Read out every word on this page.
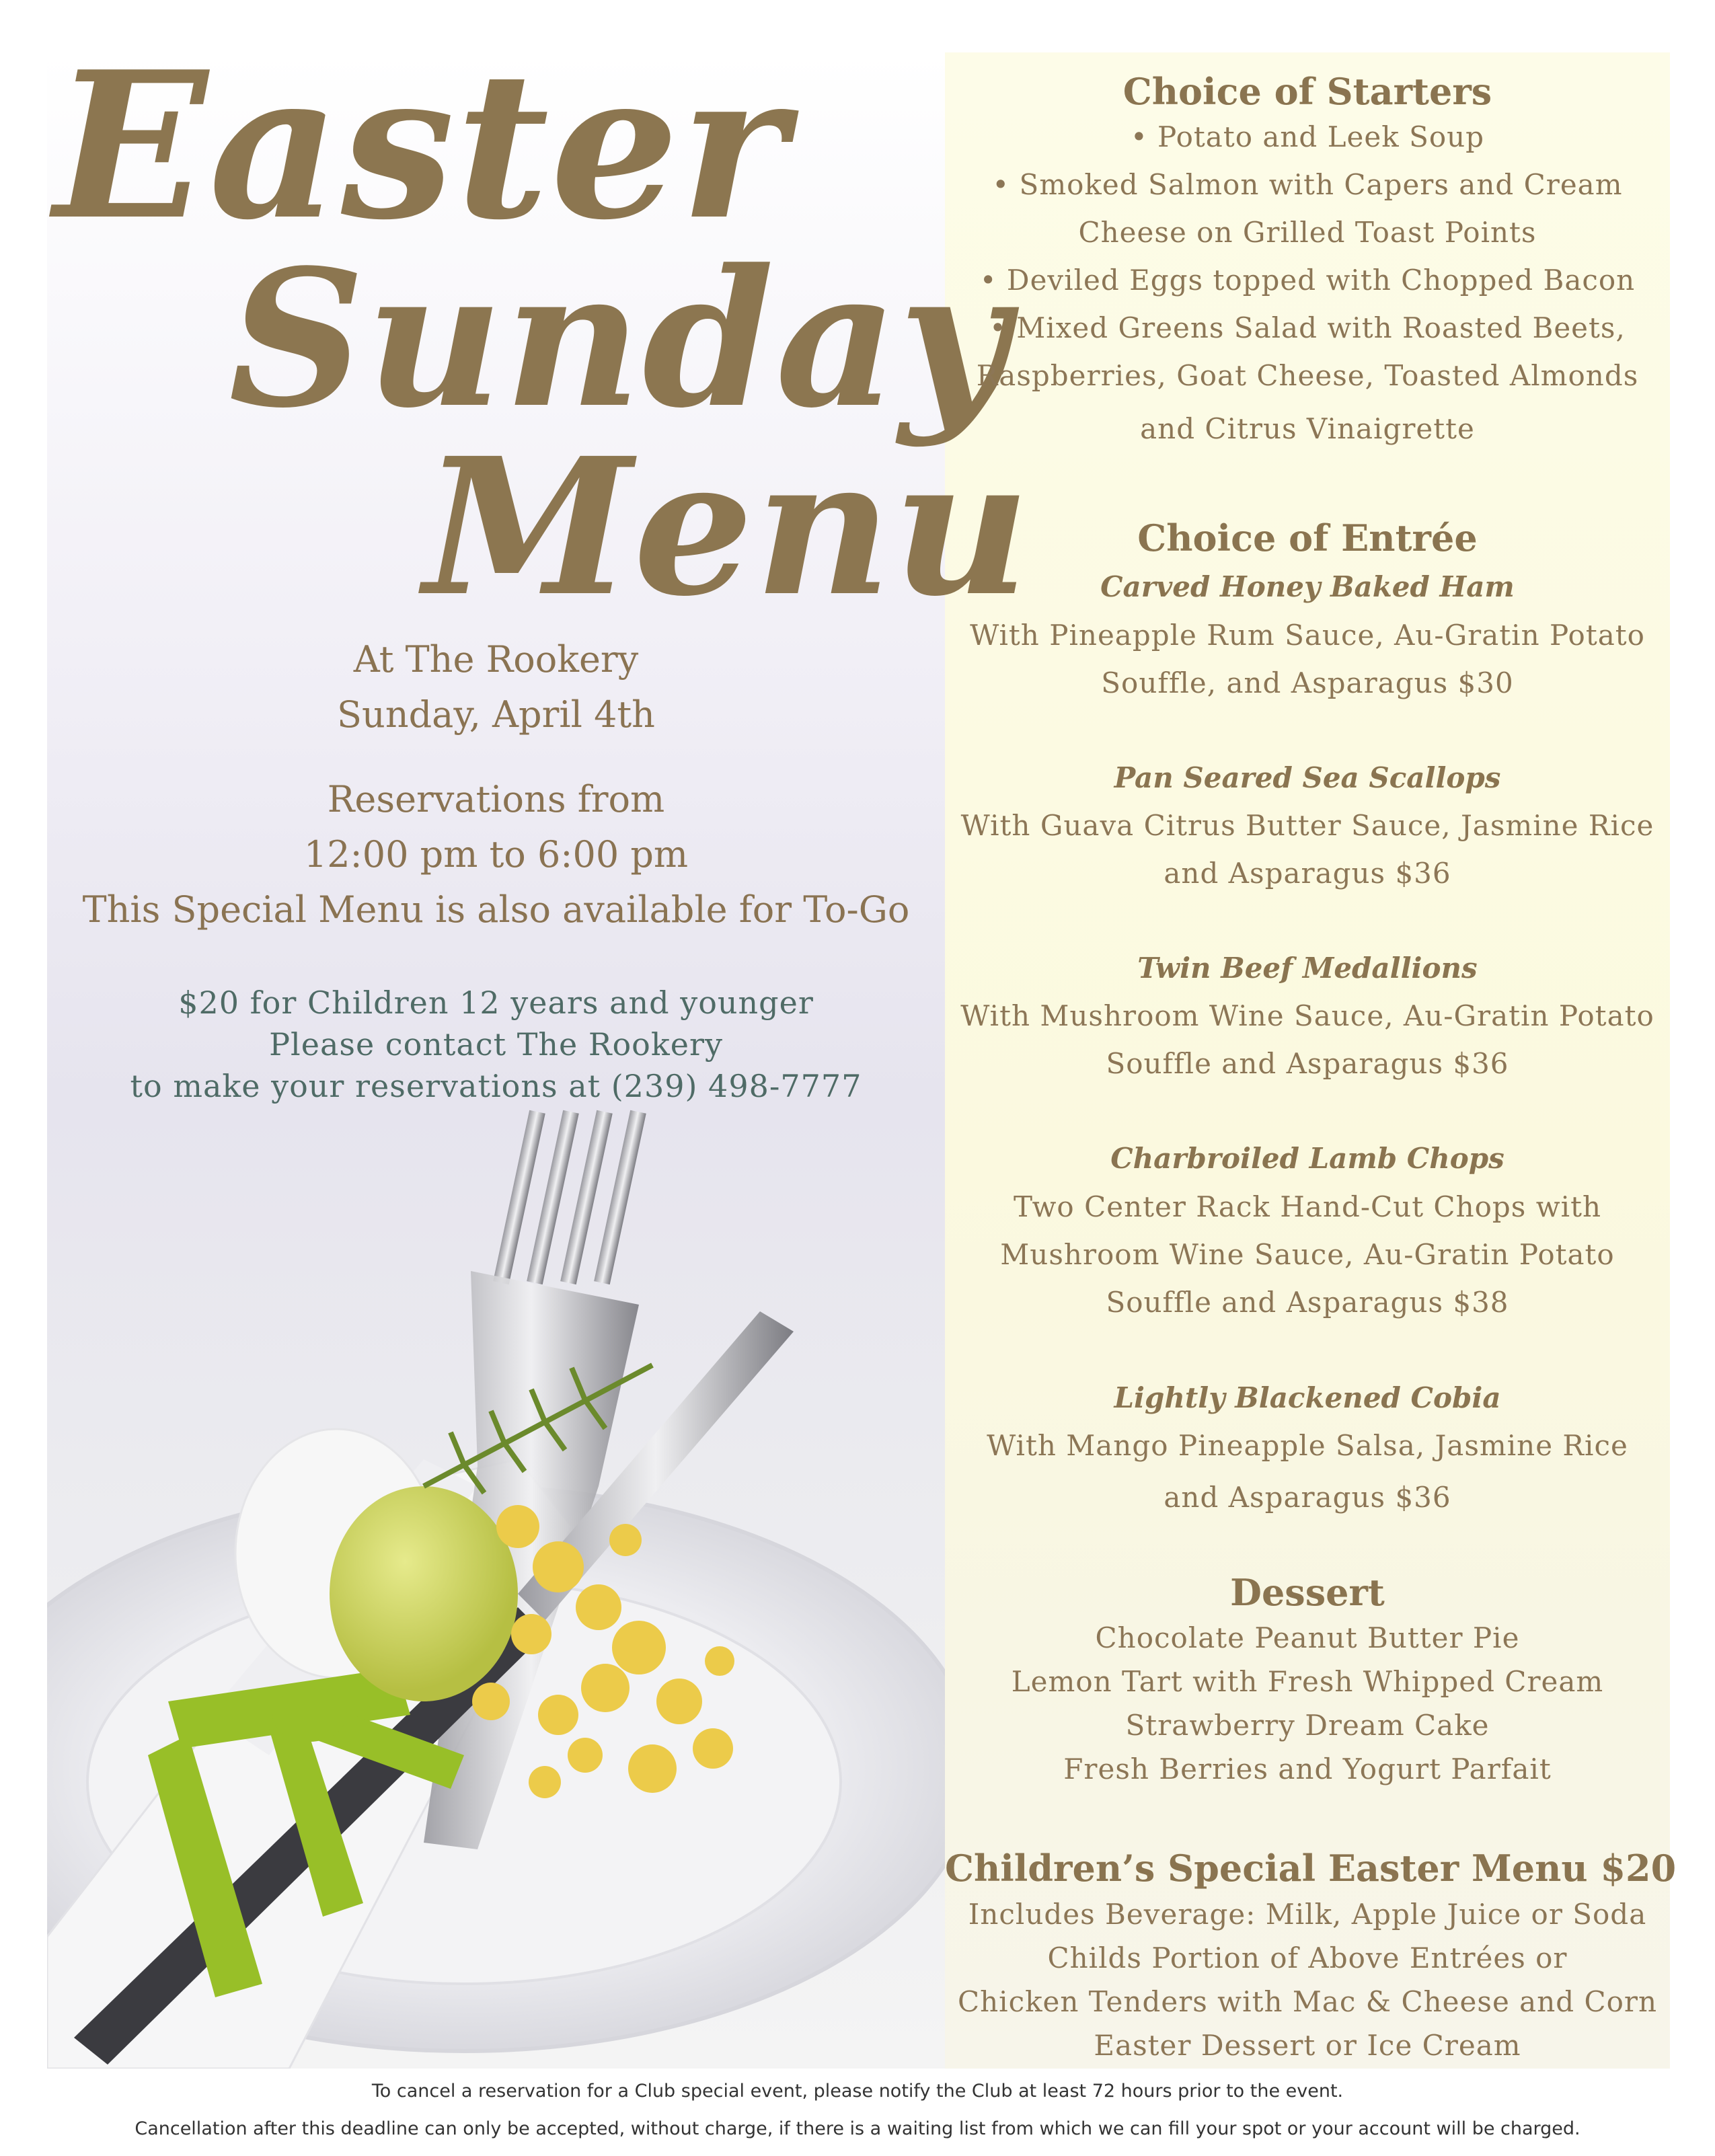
Easter
Sunday
Menu
At The Rookery
Sunday, April 4th
Reservations from
12:00 pm to 6:00 pm
This Special Menu is also available for To-Go
$20 for Children 12 years and younger
Please contact The Rookery
to make your reservations at (239) 498-7777
Choice of Starters
• Potato and Leek Soup
• Smoked Salmon with Capers and Cream
Cheese on Grilled Toast Points
• Deviled Eggs topped with Chopped Bacon
• Mixed Greens Salad with Roasted Beets,
Raspberries, Goat Cheese, Toasted Almonds
and Citrus Vinaigrette
Choice of Entrée
Carved Honey Baked Ham
With Pineapple Rum Sauce, Au-Gratin Potato
Souffle, and Asparagus $30
Pan Seared Sea Scallops
With Guava Citrus Butter Sauce, Jasmine Rice
and Asparagus $36
Twin Beef Medallions
With Mushroom Wine Sauce, Au-Gratin Potato
Souffle and Asparagus $36
Charbroiled Lamb Chops
Two Center Rack Hand-Cut Chops with
Mushroom Wine Sauce, Au-Gratin Potato
Souffle and Asparagus $38
Lightly Blackened Cobia
With Mango Pineapple Salsa, Jasmine Rice
and Asparagus $36
Dessert
Chocolate Peanut Butter Pie
Lemon Tart with Fresh Whipped Cream
Strawberry Dream Cake
Fresh Berries and Yogurt Parfait
Children’s Special Easter Menu $20
Includes Beverage: Milk, Apple Juice or Soda
Childs Portion of Above Entrées or
Chicken Tenders with Mac & Cheese and Corn
Easter Dessert or Ice Cream
To cancel a reservation for a Club special event, please notify the Club at least 72 hours prior to the event.
Cancellation after this deadline can only be accepted, without charge, if there is a waiting list from which we can fill your spot or your account will be charged.
